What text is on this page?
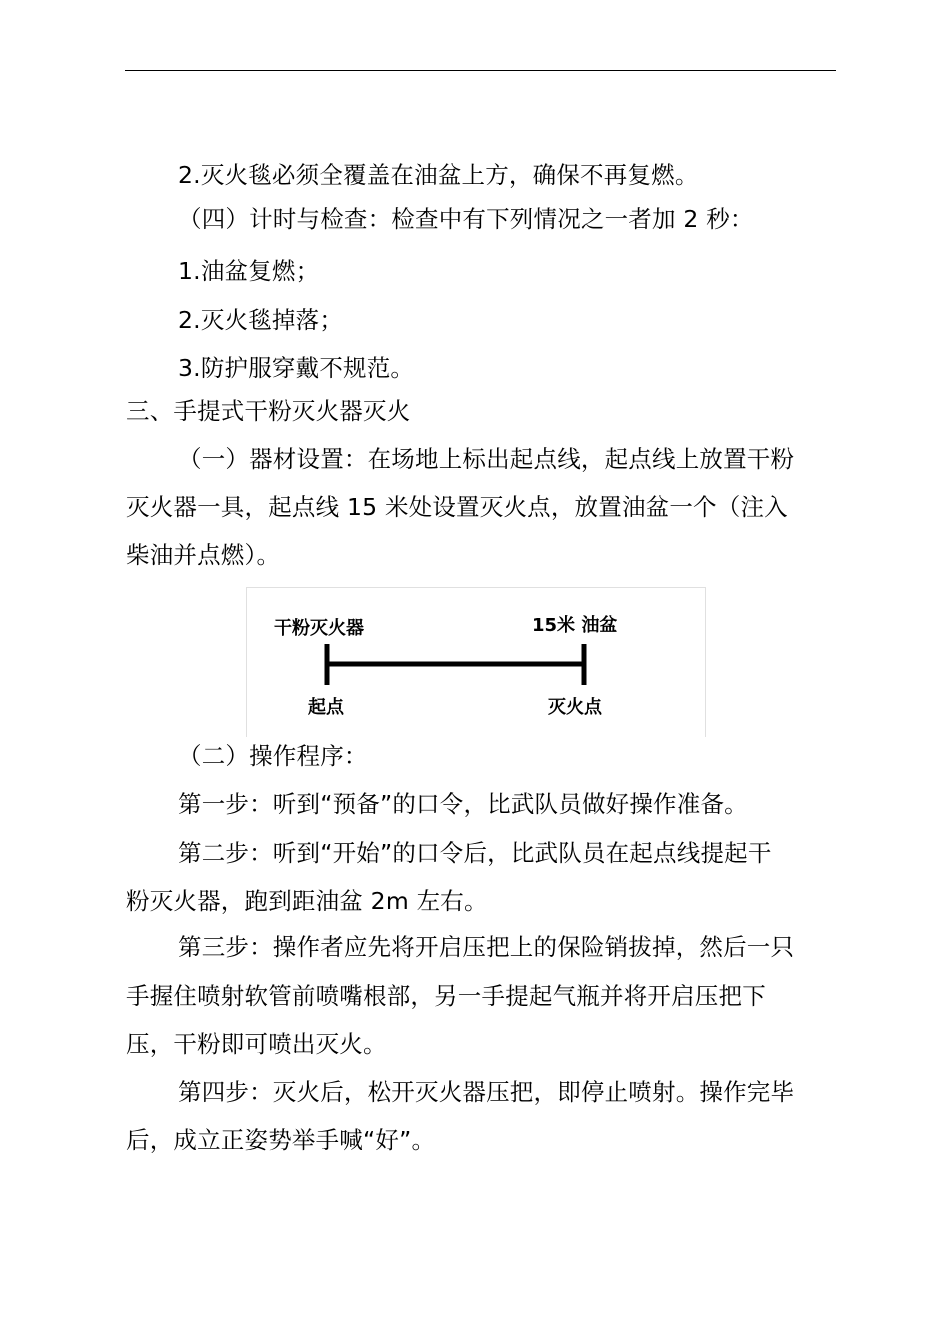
2.灭火毯必须全覆盖在油盆上方，确保不再复燃。
（四）计时与检查：检查中有下列情况之一者加 2 秒：
1.油盆复燃；
2.灭火毯掉落；
3.防护服穿戴不规范。
三、手提式干粉灭火器灭火
（一）器材设置：在场地上标出起点线，起点线上放置干粉
灭火器一具，起点线 15 米处设置灭火点，放置油盆一个（注入
柴油并点燃）。
干粉灭火器	15米 油盆
起点	灭火点
（二）操作程序：
第一步：听到“预备”的口令，比武队员做好操作准备。
第二步：听到“开始”的口令后，比武队员在起点线提起干
粉灭火器，跑到距油盆 2m 左右。
第三步：操作者应先将开启压把上的保险销拔掉，然后一只
手握住喷射软管前喷嘴根部，另一手提起气瓶并将开启压把下
压，干粉即可喷出灭火。
第四步：灭火后，松开灭火器压把，即停止喷射。操作完毕
后，成立正姿势举手喊“好”。
